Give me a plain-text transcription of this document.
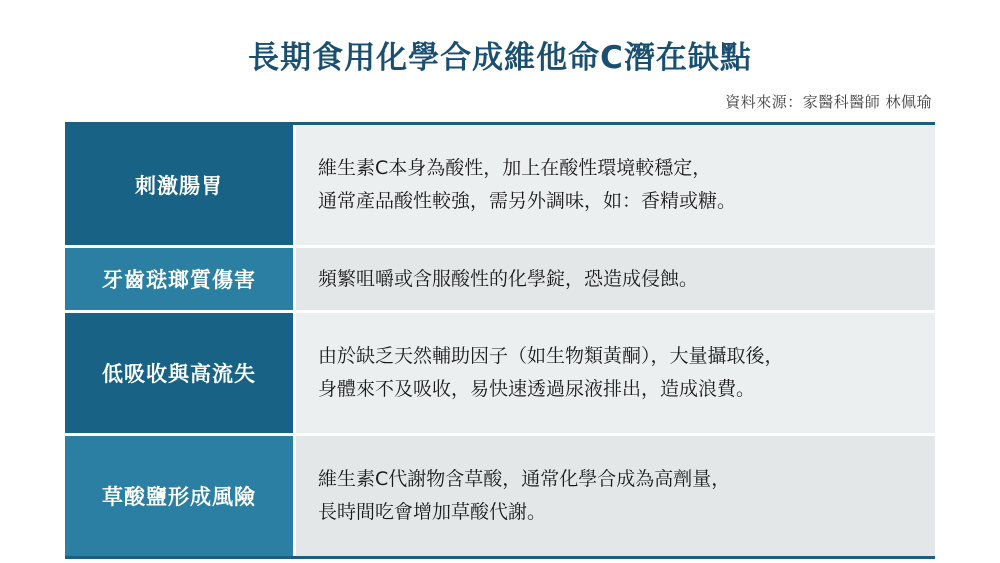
長期食用化學合成維他命C潛在缺點
資料來源：家醫科醫師 林佩瑜
刺激腸胃
維生素C本身為酸性，加上在酸性環境較穩定，
通常產品酸性較強，需另外調味，如：香精或糖。
牙齒琺瑯質傷害	頻繁咀嚼或含服酸性的化學錠，恐造成侵蝕。
低吸收與高流失
由於缺乏天然輔助因子（如生物類黃酮），大量攝取後，
身體來不及吸收，易快速透過尿液排出，造成浪費。
草酸鹽形成風險
維生素C代謝物含草酸，通常化學合成為高劑量，
長時間吃會增加草酸代謝。
